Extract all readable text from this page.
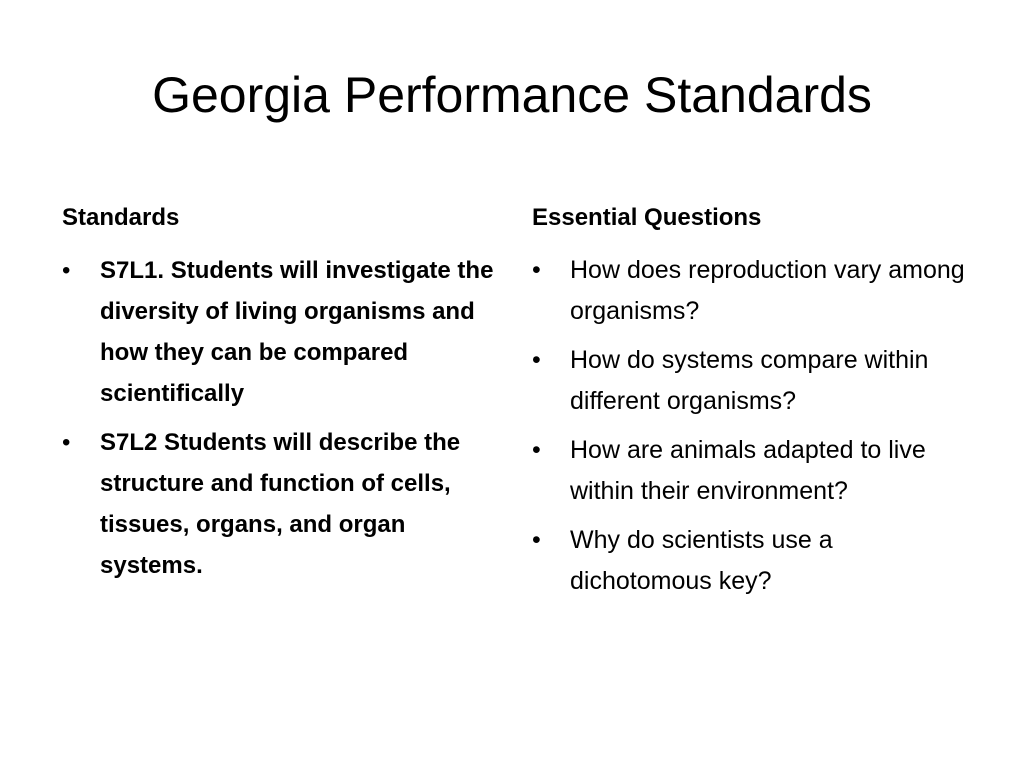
Georgia Performance Standards
Standards
•	S7L1. Students will investigate the diversity of living organisms and how they can be compared scientifically
•	S7L2 Students will describe the structure and function of cells, tissues, organs, and organ systems.
Essential Questions
•	How does reproduction vary among organisms?
•	How do systems compare within different organisms?
•	How are animals adapted to live within their environment?
•	Why do scientists use a dichotomous key?
